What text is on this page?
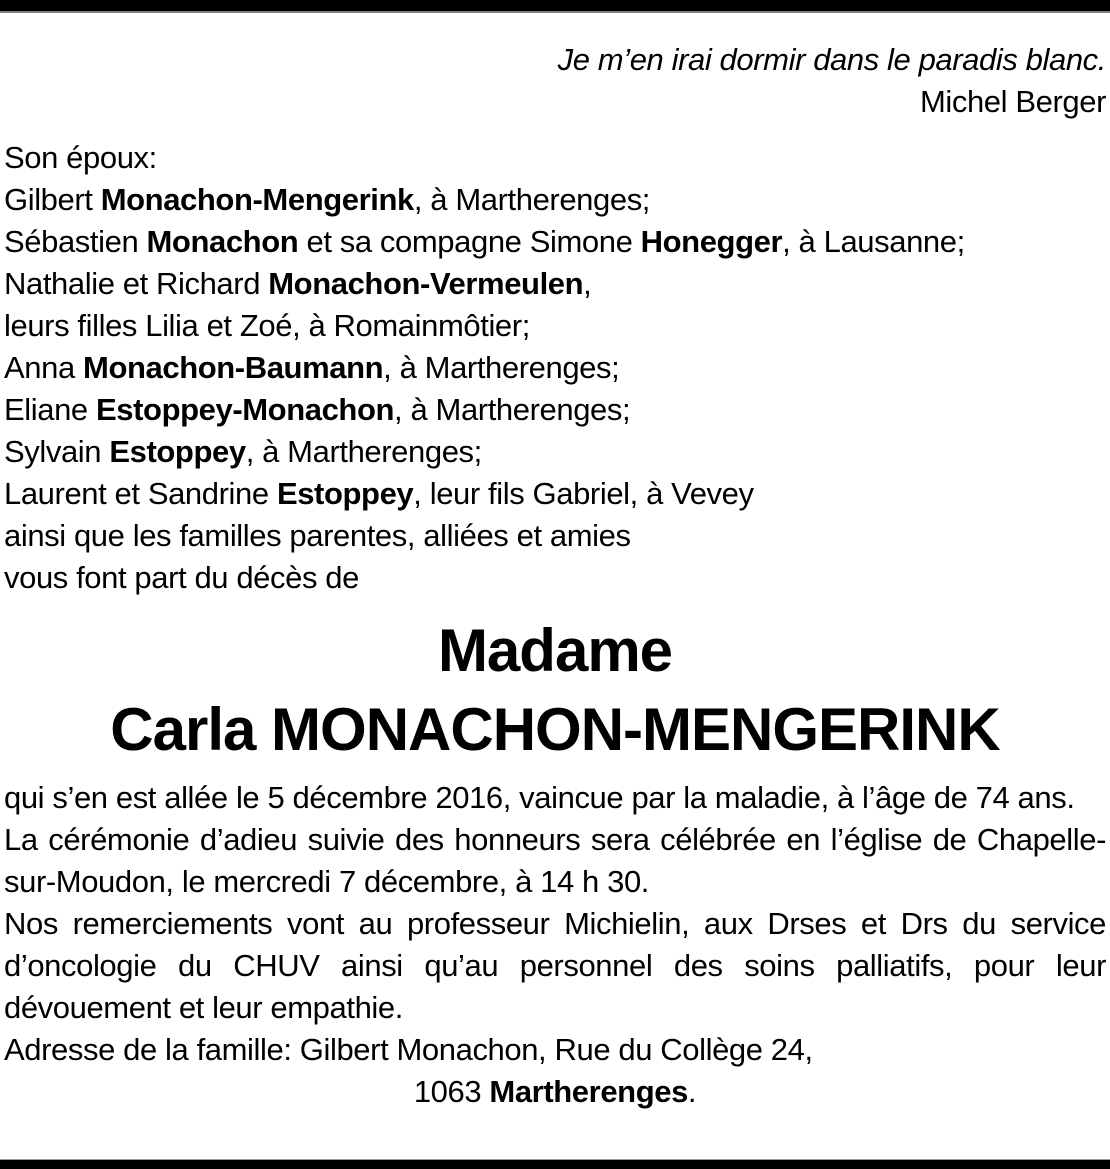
Je m’en irai dormir dans le paradis blanc.
Michel Berger
Son époux:
Gilbert Monachon-Mengerink, à Martherenges;
Sébastien Monachon et sa compagne Simone Honegger, à Lausanne;
Nathalie et Richard Monachon-Vermeulen,
leurs filles Lilia et Zoé, à Romainmôtier;
Anna Monachon-Baumann, à Martherenges;
Eliane Estoppey-Monachon, à Martherenges;
Sylvain Estoppey, à Martherenges;
Laurent et Sandrine Estoppey, leur fils Gabriel, à Vevey
ainsi que les familles parentes, alliées et amies
vous font part du décès de
Madame
Carla MONACHON-MENGERINK

qui s’en est allée le 5 décembre 2016, vaincue par la maladie, à l’âge de 74 ans.

La cérémonie d’adieu suivie des honneurs sera célébrée en l’église de Chapelle-sur-Moudon, le mercredi 7 décembre, à 14 h 30.

Nos remerciements vont au professeur Michielin, aux Drses et Drs du service d’oncologie du CHUV ainsi qu’au personnel des soins palliatifs, pour leur dévouement et leur empathie.

Adresse de la famille: Gilbert Monachon, Rue du Collège 24,
1063 Martherenges.
